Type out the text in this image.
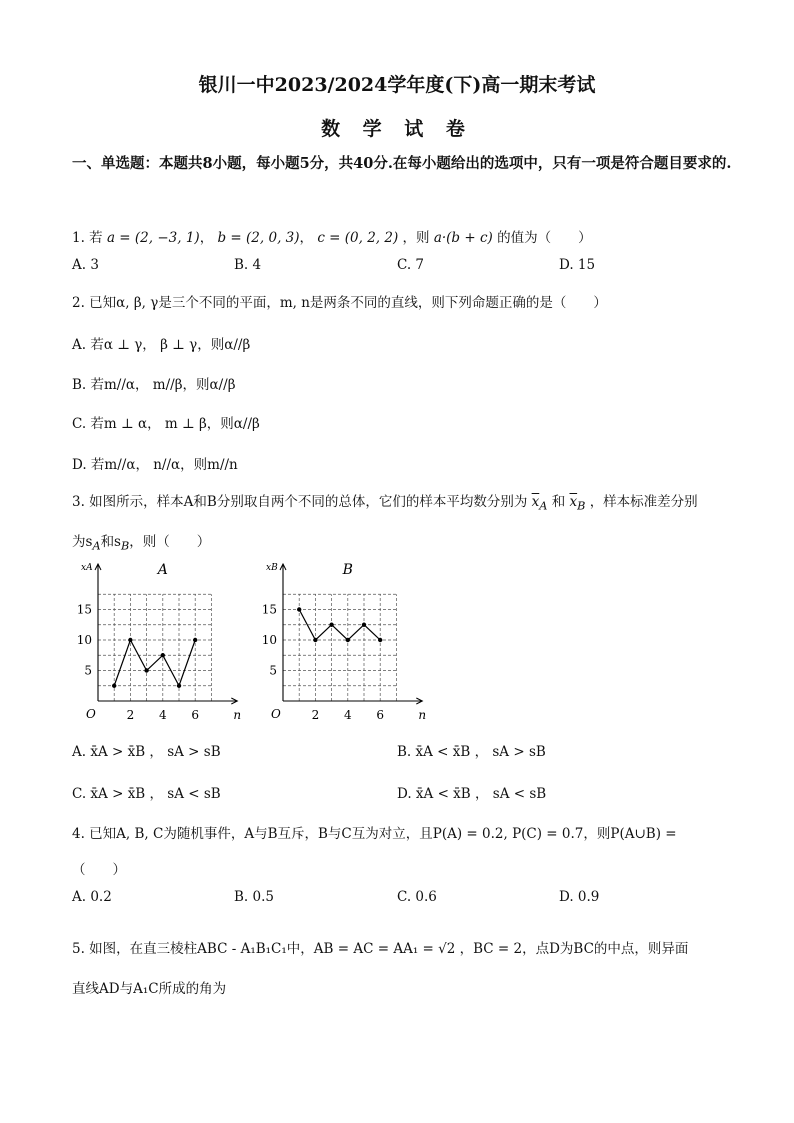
银川一中2023/2024学年度(下)高一期末考试
数 学 试 卷
一、单选题：本题共8小题，每小题5分，共40分.在每小题给出的选项中，只有一项是符合题目要求的.
1. 若 a = (2, −3, 1)， b = (2, 0, 3)， c = (0, 2, 2) ，则 a·(b + c) 的值为（　　）
A. 3	B. 4	C. 7	D. 15
2. 已知α, β, γ是三个不同的平面，m, n是两条不同的直线，则下列命题正确的是（　　）
A. 若α ⊥ γ， β ⊥ γ，则α//β
B. 若m//α， m//β，则α//β
C. 若m ⊥ α， m ⊥ β，则α//β
D. 若m//α， n//α，则m//n
3. 如图所示，样本A和B分别取自两个不同的总体，它们的样本平均数分别为 $\overline{x}_A$ 和 $\overline{x}_B$ ，样本标准差分别
为$s_A$和$s_B$，则（　　）
xA
n
O
A
2 4 6
5
10
15
xB
n
O
B
2 4 6
5
10
15
A. x̄A > x̄B ， sA > sB	B. x̄A < x̄B ， sA > sB
C. x̄A > x̄B ， sA < sB	D. x̄A < x̄B ， sA < sB
4. 已知A, B, C为随机事件，A与B互斥，B与C互为对立，且P(A) = 0.2, P(C) = 0.7，则P(A∪B) =
（　　）
A. 0.2	B. 0.5	C. 0.6	D. 0.9
5. 如图，在直三棱柱ABC - A₁B₁C₁中，AB = AC = AA₁ = √2 ，BC = 2，点D为BC的中点，则异面
直线AD与A₁C所成的角为
